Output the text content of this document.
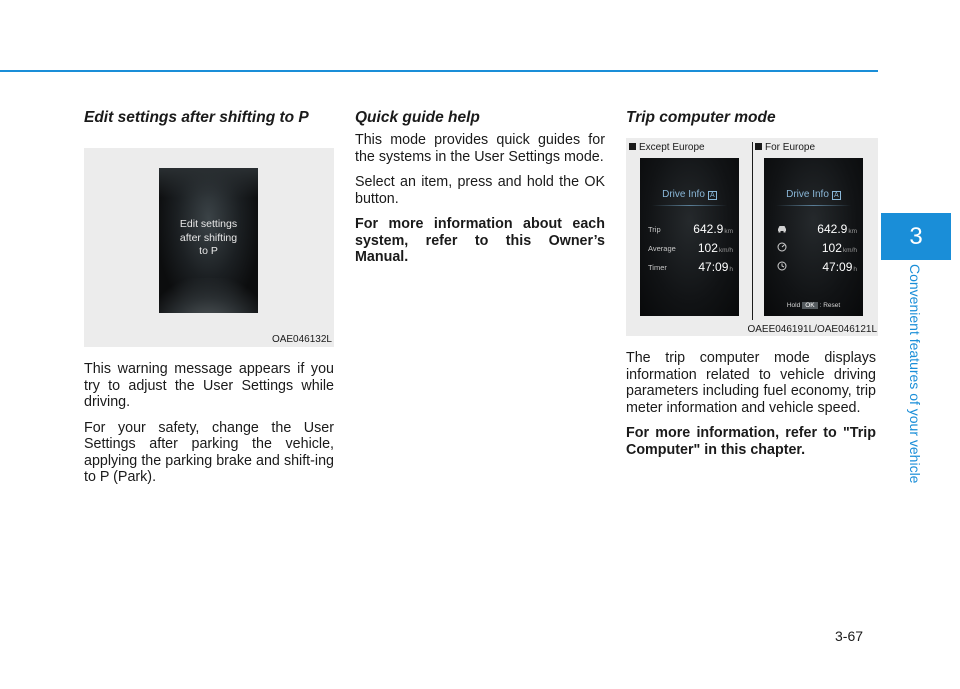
Edit settings after shifting to P
Edit settings
after shifting
to P
OAE046132L

This warning message appears if you try to adjust the User Settings while driving.

For your safety, change the User Settings after parking the vehicle, applying the parking brake and shift-ing to P (Park).

Quick guide help

This mode provides quick guides for the systems in the User Settings mode.

Select an item, press and hold the OK button.

For more information about each system, refer to this Owner’s Manual.

Trip computer mode
Except Europe	For Europe
Drive Info A
Trip	642.9km
Average 102km/h
Timer	47:09h
Drive Info A
642.9km
102km/h
47:09h
Hold OK : Reset
OAEE046191L/OAE046121L

The trip computer mode displays information related to vehicle driving parameters including fuel economy, trip meter information and vehicle speed.

For more information, refer to "Trip Computer" in this chapter.

3
Convenient features of your vehicle
3-67
